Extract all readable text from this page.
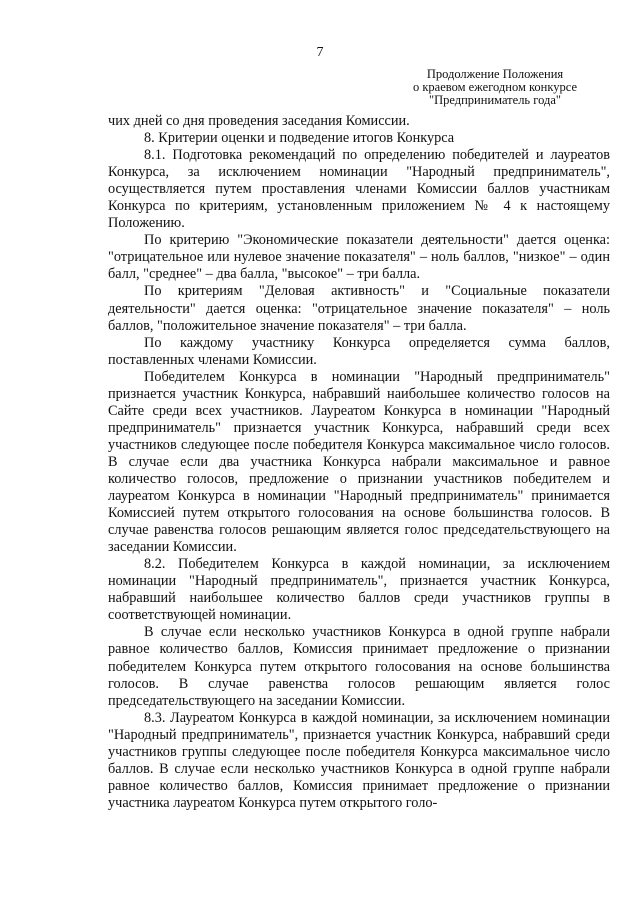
7
Продолжение Положения
о краевом ежегодном конкурсе
"Предприниматель года"

чих дней со дня проведения заседания Комиссии.

8. Критерии оценки и подведение итогов Конкурса

8.1. Подготовка рекомендаций по определению победителей и лауреатов Конкурса, за исключением номинации "Народный предприниматель", осуществляется путем проставления членами Комиссии баллов участникам Конкурса по критериям, установленным приложением № 4 к настоящему Положению.

По критерию "Экономические показатели деятельности" дается оценка: "отрицательное или нулевое значение показателя" – ноль баллов, "низкое" – один балл, "среднее" – два балла, "высокое" – три балла.

По критериям "Деловая активность" и "Социальные показатели деятельности" дается оценка: "отрицательное значение показателя" – ноль баллов, "положительное значение показателя" – три балла.

По каждому участнику Конкурса определяется сумма баллов, поставленных членами Комиссии.

Победителем Конкурса в номинации "Народный предприниматель" признается участник Конкурса, набравший наибольшее количество голосов на Сайте среди всех участников. Лауреатом Конкурса в номинации "Народный предприниматель" признается участник Конкурса, набравший среди всех участников следующее после победителя Конкурса максимальное число голосов. В случае если два участника Конкурса набрали максимальное и равное количество голосов, предложение о признании участников победителем и лауреатом Конкурса в номинации "Народный предприниматель" принимается Комиссией путем открытого голосования на основе большинства голосов. В случае равенства голосов решающим является голос председательствующего на заседании Комиссии.

8.2. Победителем Конкурса в каждой номинации, за исключением номинации "Народный предприниматель", признается участник Конкурса, набравший наибольшее количество баллов среди участников группы в соответствующей номинации.

В случае если несколько участников Конкурса в одной группе набрали равное количество баллов, Комиссия принимает предложение о признании победителем Конкурса путем открытого голосования на основе большинства голосов. В случае равенства голосов решающим является голос председательствующего на заседании Комиссии.

8.3. Лауреатом Конкурса в каждой номинации, за исключением номинации "Народный предприниматель", признается участник Конкурса, набравший среди участников группы следующее после победителя Конкурса максимальное число баллов. В случае если несколько участников Конкурса в одной группе набрали равное количество баллов, Комиссия принимает предложение о признании участника лауреатом Конкурса путем открытого голо-
